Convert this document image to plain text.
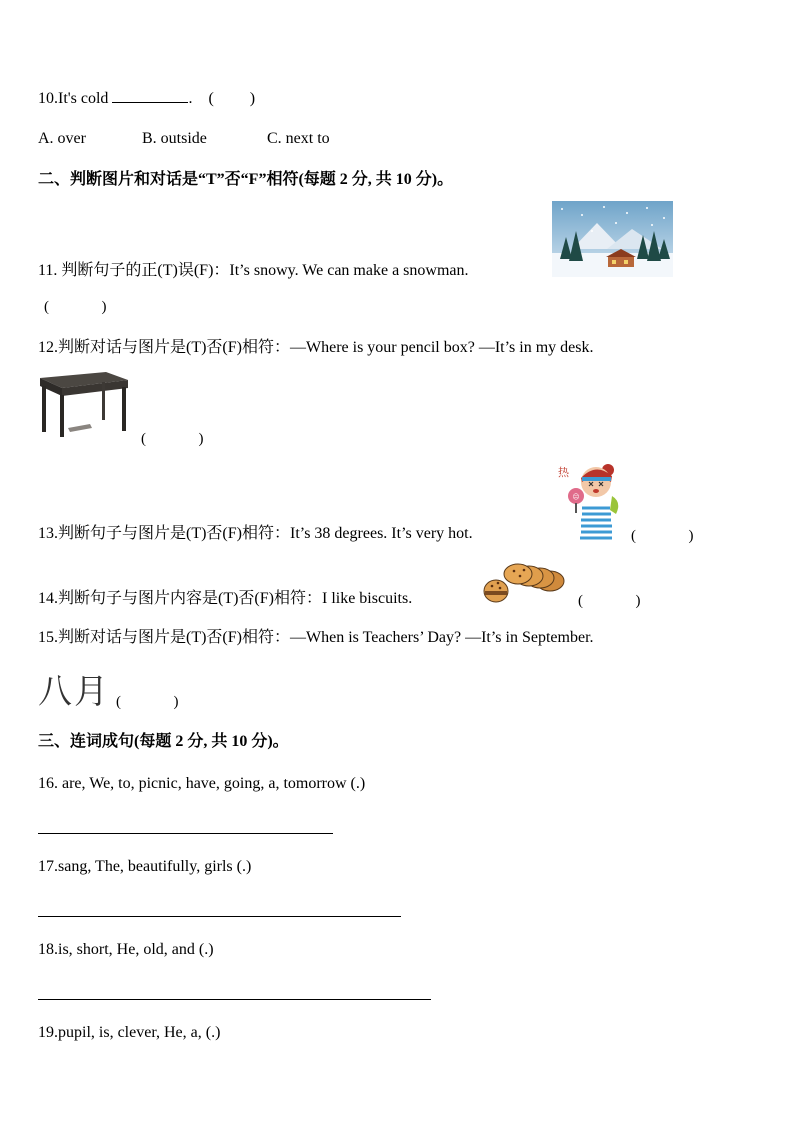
10.It's cold	. (　 　)
A. over	B. outside	C. next to
二、判断图片和对话是“T”否“F”相符(每题 2 分, 共 10 分)。
11. 判断句子的正(T)误(F)：It’s snowy. We can make a snowman.
(　 　 　)
12.判断对话与图片是(T)否(F)相符：—Where is your pencil box? —It’s in my desk.
(　 　 　)
☹
热
13.判断句子与图片是(T)否(F)相符：It’s 38 degrees. It’s very hot.	(　 　 　)
14.判断句子与图片内容是(T)否(F)相符：I like biscuits.	(　 　 　)
15.判断对话与图片是(T)否(F)相符：—When is Teachers’ Day? —It’s in September.
八月 (　 　 　)
三、连词成句(每题 2 分, 共 10 分)。
16. are, We, to, picnic, have, going, a, tomorrow (.)
17.sang, The, beautifully, girls (.)
18.is, short, He, old, and (.)
19.pupil, is, clever, He, a, (.)
